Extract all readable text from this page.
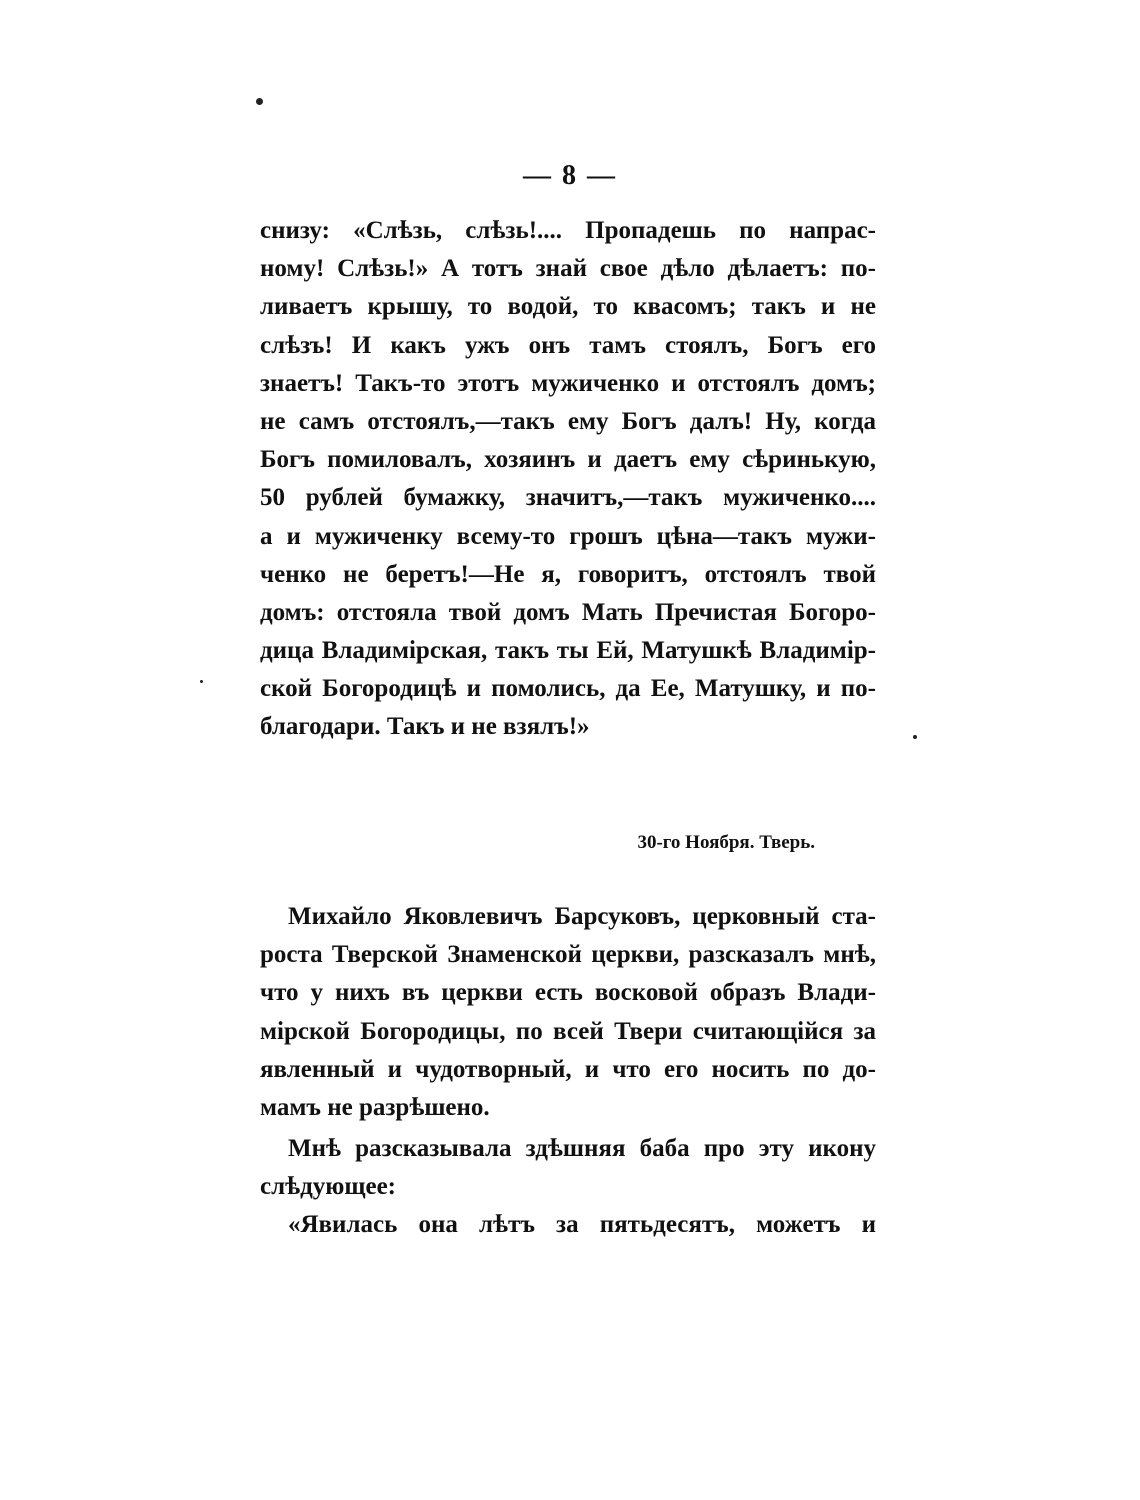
— 8 —
снизу: «Слѣзь, слѣзь!.... Пропадешь по напрас-
ному! Слѣзь!» А тотъ знай свое дѣло дѣлаетъ: по-
ливаетъ крышу, то водой, то квасомъ; такъ и не
слѣзъ! И какъ ужъ онъ тамъ стоялъ, Богъ его
знаетъ! Такъ-то этотъ мужиченко и отстоялъ домъ;
не самъ отстоялъ,—такъ ему Богъ далъ! Ну, когда
Богъ помиловалъ, хозяинъ и даетъ ему сѣринькую,
50 рублей бумажку, значитъ,—такъ мужиченко....
а и мужиченку всему-то грошъ цѣна—такъ мужи-
ченко не беретъ!—Не я, говоритъ, отстоялъ твой
домъ: отстояла твой домъ Мать Пречистая Богоро-
дица Владимірская, такъ ты Ей, Матушкѣ Владимір-
ской Богородицѣ и помолись, да Ее, Матушку, и по-
благодари. Такъ и не взялъ!»
30-го Ноября. Тверь.
Михайло Яковлевичъ Барсуковъ, церковный ста-
роста Тверской Знаменской церкви, разсказалъ мнѣ,
что у нихъ въ церкви есть восковой образъ Влади-
мірской Богородицы, по всей Твери считающійся за
явленный и чудотворный, и что его носить по до-
мамъ не разрѣшено.
Мнѣ разсказывала здѣшняя баба про эту икону
слѣдующее:
«Явилась она лѣтъ за пятьдесятъ, можетъ и
